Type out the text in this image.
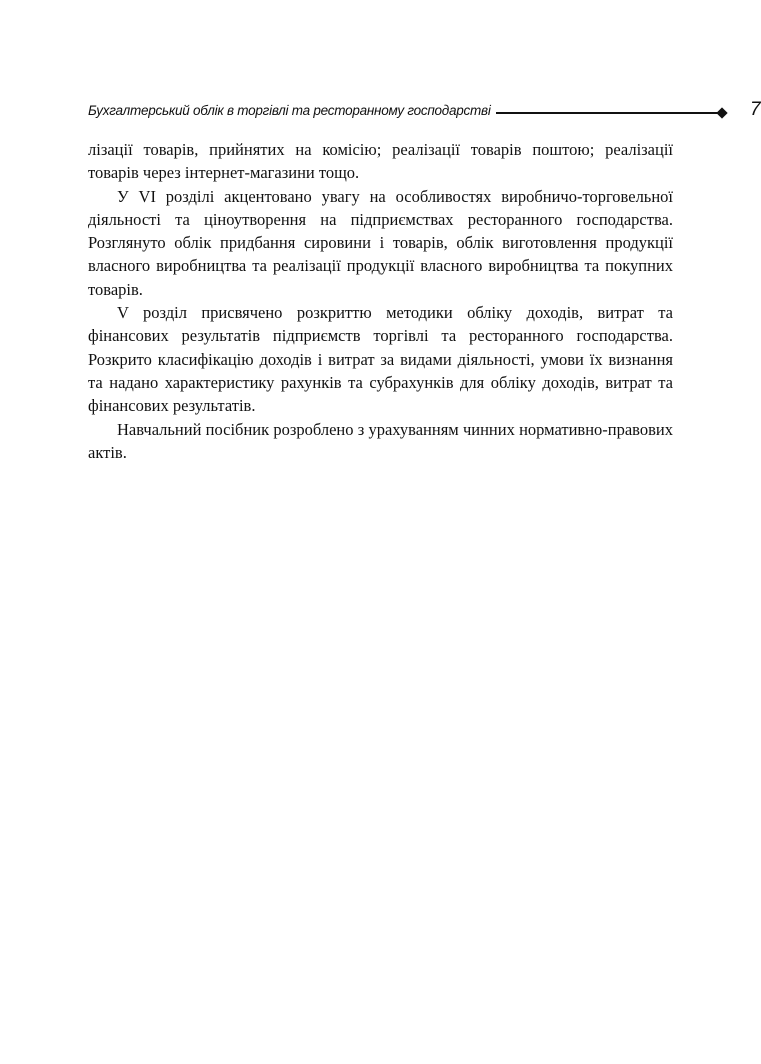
Бухгалтерський облік в торгівлі та ресторанному господарстві	7

лізації товарів, прийнятих на комісію; реалізації товарів поштою; реалізації товарів через інтернет-магазини тощо.

У VI розділі акцентовано увагу на особливостях виробничо-торговельної діяльності та ціноутворення на підприємствах ресторанного господарства. Розглянуто облік придбання сировини і товарів, облік виготовлення продукції власного виробництва та реалізації продукції власного виробництва та покупних товарів.

V розділ присвячено розкриттю методики обліку доходів, витрат та фінансових результатів підприємств торгівлі та ресторанного господарства. Розкрито класифікацію доходів і витрат за видами діяльності, умови їх визнання та надано характеристику рахунків та субрахунків для обліку доходів, витрат та фінансових результатів.

Навчальний посібник розроблено з урахуванням чинних нормативно-правових актів.
